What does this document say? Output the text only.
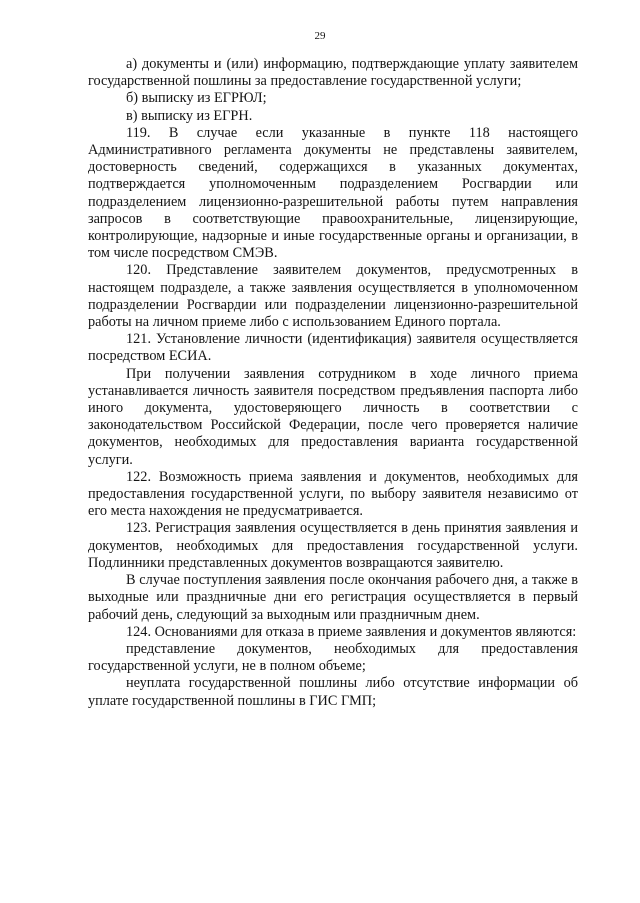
29

а) документы и (или) информацию, подтверждающие уплату заявителем государственной пошлины за предоставление государственной услуги;

б) выписку из ЕГРЮЛ;

в) выписку из ЕГРН.

119. В случае если указанные в пункте 118 настоящего Административного регламента документы не представлены заявителем, достоверность сведений, содержащихся в указанных документах, подтверждается уполномоченным подразделением Росгвардии или подразделением лицензионно-разрешительной работы путем направления запросов в соответствующие правоохранительные, лицензирующие, контролирующие, надзорные и иные государственные органы и организации, в том числе посредством СМЭВ.

120. Представление заявителем документов, предусмотренных в настоящем подразделе, а также заявления осуществляется в уполномоченном подразделении Росгвардии или подразделении лицензионно-разрешительной работы на личном приеме либо с использованием Единого портала.

121. Установление личности (идентификация) заявителя осуществляется посредством ЕСИА.

При получении заявления сотрудником в ходе личного приема устанавливается личность заявителя посредством предъявления паспорта либо иного документа, удостоверяющего личность в соответствии с законодательством Российской Федерации, после чего проверяется наличие документов, необходимых для предоставления варианта государственной услуги.

122. Возможность приема заявления и документов, необходимых для предоставления государственной услуги, по выбору заявителя независимо от его места нахождения не предусматривается.

123. Регистрация заявления осуществляется в день принятия заявления и документов, необходимых для предоставления государственной услуги. Подлинники представленных документов возвращаются заявителю.

В случае поступления заявления после окончания рабочего дня, а также в выходные или праздничные дни его регистрация осуществляется в первый рабочий день, следующий за выходным или праздничным днем.

124. Основаниями для отказа в приеме заявления и документов являются:

представление документов, необходимых для предоставления государственной услуги, не в полном объеме;

неуплата государственной пошлины либо отсутствие информации об уплате государственной пошлины в ГИС ГМП;
